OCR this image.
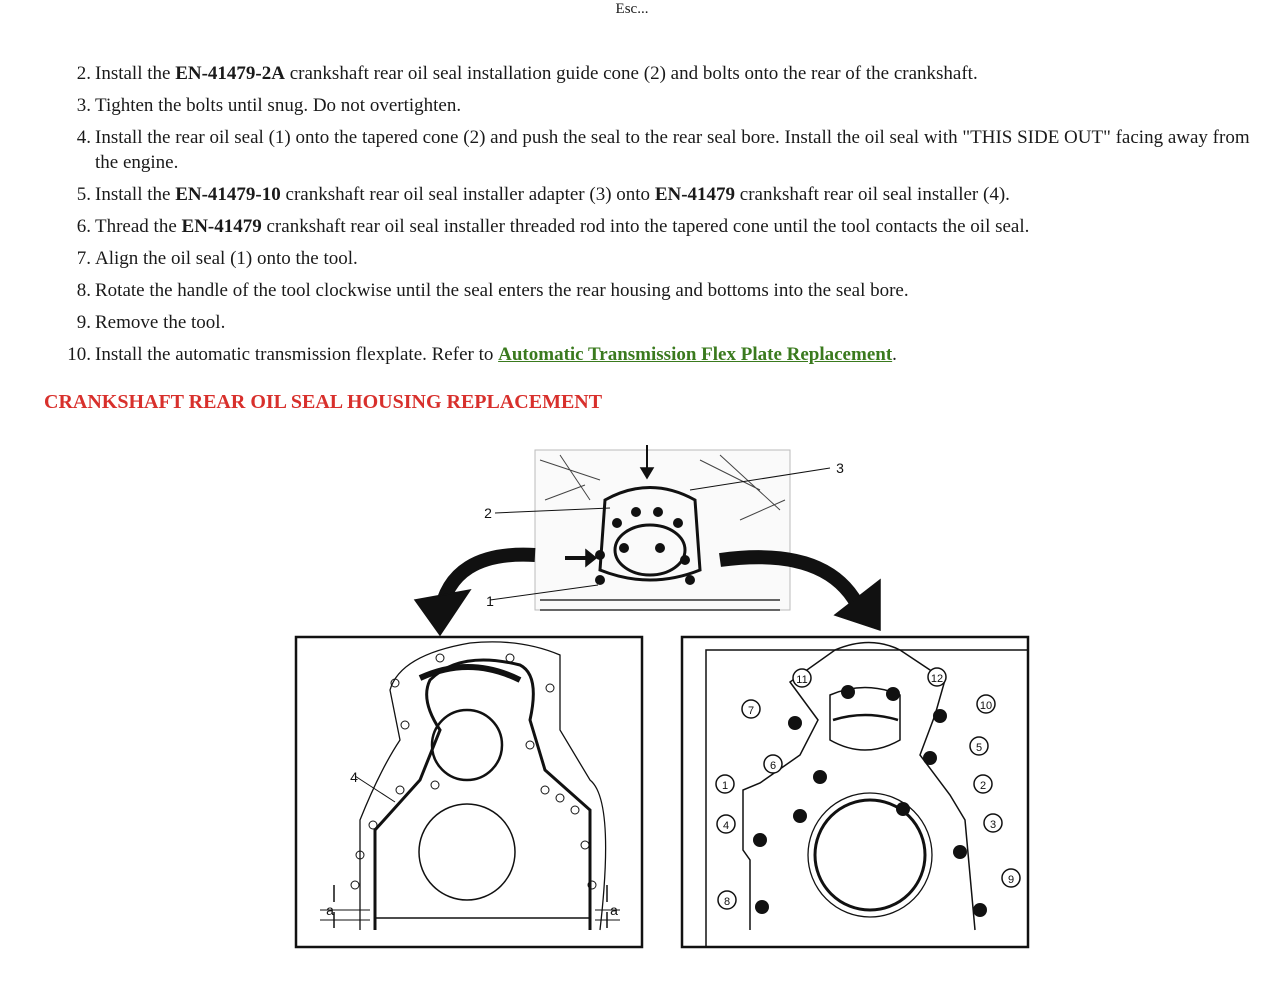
Esc...
2. Install the EN-41479-2A crankshaft rear oil seal installation guide cone (2) and bolts onto the rear of the crankshaft.
3. Tighten the bolts until snug. Do not overtighten.
4. Install the rear oil seal (1) onto the tapered cone (2) and push the seal to the rear seal bore. Install the oil seal with "THIS SIDE OUT" facing away from the engine.
5. Install the EN-41479-10 crankshaft rear oil seal installer adapter (3) onto EN-41479 crankshaft rear oil seal installer (4).
6. Thread the EN-41479 crankshaft rear oil seal installer threaded rod into the tapered cone until the tool contacts the oil seal.
7. Align the oil seal (1) onto the tool.
8. Rotate the handle of the tool clockwise until the seal enters the rear housing and bottoms into the seal bore.
9. Remove the tool.
10. Install the automatic transmission flexplate. Refer to Automatic Transmission Flex Plate Replacement.
CRANKSHAFT REAR OIL SEAL HOUSING REPLACEMENT
1
2
3
4
a	a
1	2
3
4
5
6
7
8
9
10
11	12
